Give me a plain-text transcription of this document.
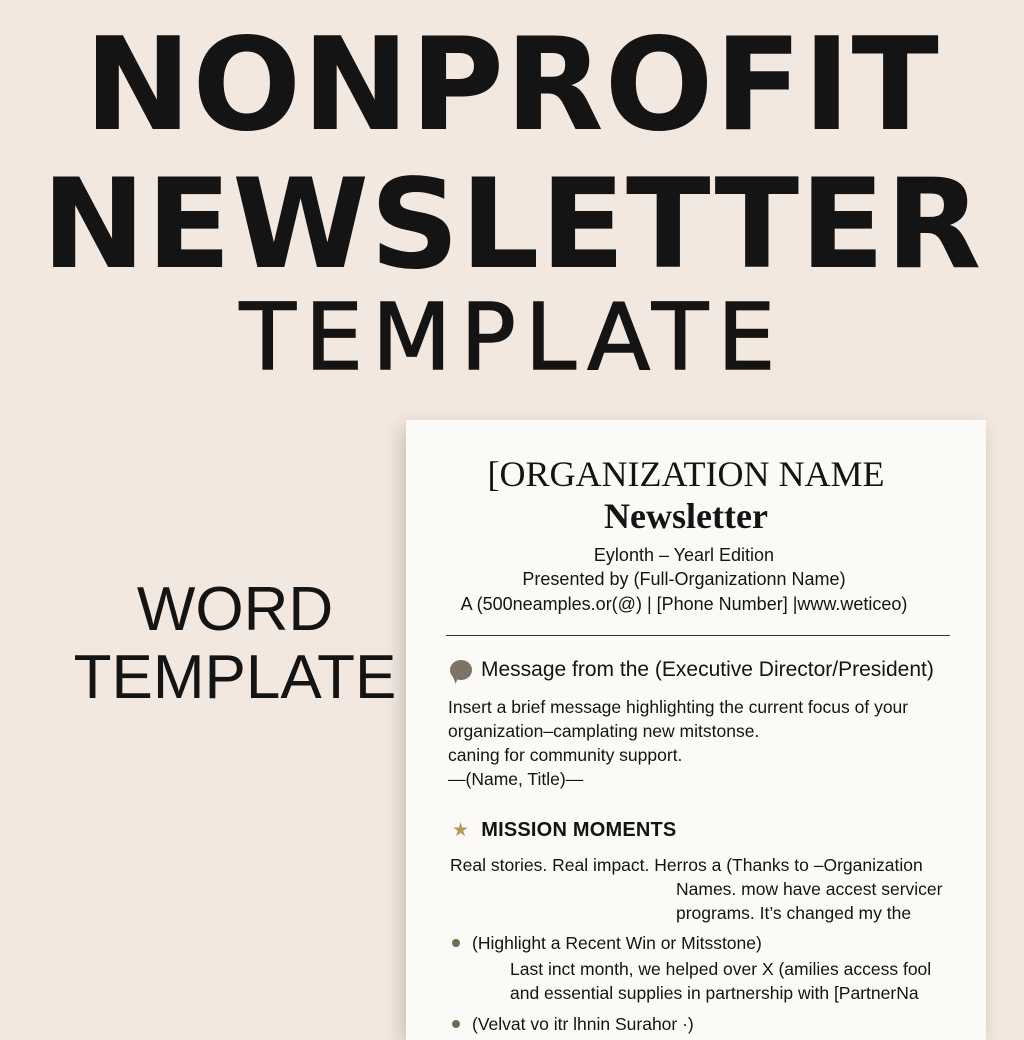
NONPROFIT
NEWSLETTER
TEMPLATE
WORD
TEMPLATE
[ORGANIZATION NAME
Newsletter
Eylonth – Yearl Edition
Presented by (Full-Organizationn Name)
A (500neamples.or(@) | [Phone Number] |www.weticeo)
Message from the (Executive Director/President)
Insert a brief message highlighting the current focus of your
organization–camplating new mitstonse.
caning for community support.
—(Name, Title)—
★ MISSION MOMENTS
Real stories. Real impact. Herros a (Thanks to –Organization
Names. mow have accest servicer
programs. It’s changed my the
(Highlight a Recent Win or Mitsstone)
Last inct month, we helped over X (amilies access fool
and essential supplies in partnership with [PartnerNa
(Velvat vo itr lhnin Surahor ·)
